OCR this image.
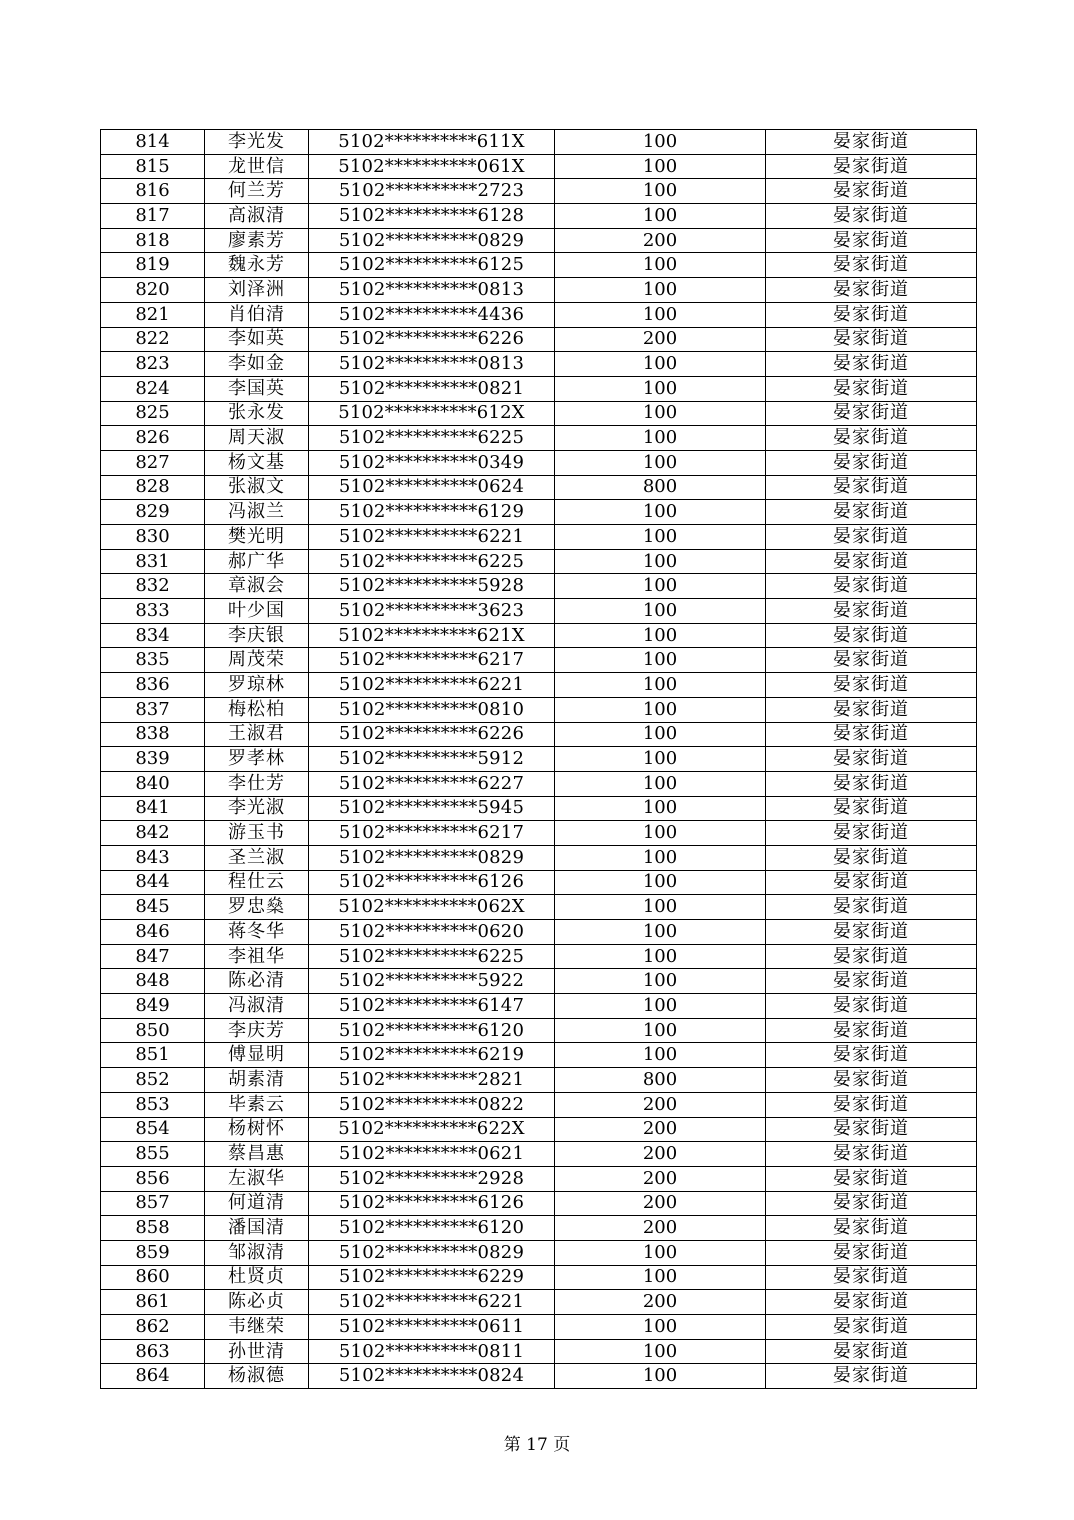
814	李光发	5102**********611X	100	晏家街道
815	龙世信	5102**********061X	100	晏家街道
816	何兰芳	5102**********2723	100	晏家街道
817	高淑清	5102**********6128	100	晏家街道
818	廖素芳	5102**********0829	200	晏家街道
819	魏永芳	5102**********6125	100	晏家街道
820	刘泽洲	5102**********0813	100	晏家街道
821	肖伯清	5102**********4436	100	晏家街道
822	李如英	5102**********6226	200	晏家街道
823	李如金	5102**********0813	100	晏家街道
824	李国英	5102**********0821	100	晏家街道
825	张永发	5102**********612X	100	晏家街道
826	周天淑	5102**********6225	100	晏家街道
827	杨文基	5102**********0349	100	晏家街道
828	张淑文	5102**********0624	800	晏家街道
829	冯淑兰	5102**********6129	100	晏家街道
830	樊光明	5102**********6221	100	晏家街道
831	郝广华	5102**********6225	100	晏家街道
832	章淑会	5102**********5928	100	晏家街道
833	叶少国	5102**********3623	100	晏家街道
834	李庆银	5102**********621X	100	晏家街道
835	周茂荣	5102**********6217	100	晏家街道
836	罗琼林	5102**********6221	100	晏家街道
837	梅松柏	5102**********0810	100	晏家街道
838	王淑君	5102**********6226	100	晏家街道
839	罗孝林	5102**********5912	100	晏家街道
840	李仕芳	5102**********6227	100	晏家街道
841	李光淑	5102**********5945	100	晏家街道
842	游玉书	5102**********6217	100	晏家街道
843	圣兰淑	5102**********0829	100	晏家街道
844	程仕云	5102**********6126	100	晏家街道
845	罗忠燊	5102**********062X	100	晏家街道
846	蒋冬华	5102**********0620	100	晏家街道
847	李祖华	5102**********6225	100	晏家街道
848	陈必清	5102**********5922	100	晏家街道
849	冯淑清	5102**********6147	100	晏家街道
850	李庆芳	5102**********6120	100	晏家街道
851	傅显明	5102**********6219	100	晏家街道
852	胡素清	5102**********2821	800	晏家街道
853	毕素云	5102**********0822	200	晏家街道
854	杨树怀	5102**********622X	200	晏家街道
855	蔡昌惠	5102**********0621	200	晏家街道
856	左淑华	5102**********2928	200	晏家街道
857	何道清	5102**********6126	200	晏家街道
858	潘国清	5102**********6120	200	晏家街道
859	邹淑清	5102**********0829	100	晏家街道
860	杜贤贞	5102**********6229	100	晏家街道
861	陈必贞	5102**********6221	200	晏家街道
862	韦继荣	5102**********0611	100	晏家街道
863	孙世清	5102**********0811	100	晏家街道
864	杨淑德	5102**********0824	100	晏家街道
第 17 页
